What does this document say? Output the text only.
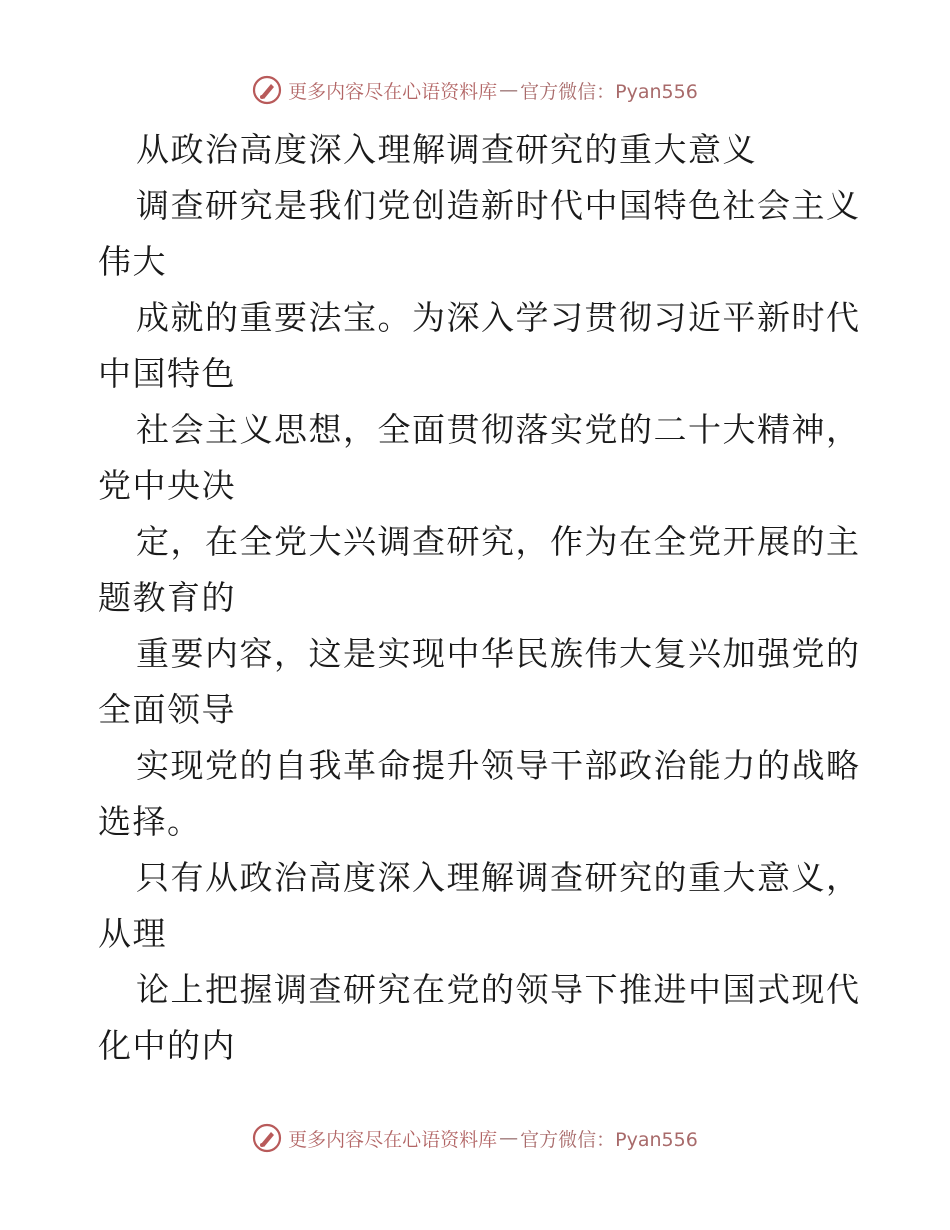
更多内容尽在心语资料库 — 官方微信：Pyan556
从政治高度深入理解调查研究的重大意义
调查研究是我们党创造新时代中国特色社会主义
伟大
成就的重要法宝。为深入学习贯彻习近平新时代
中国特色
社会主义思想，全面贯彻落实党的二十大精神，
党中央决
定，在全党大兴调查研究，作为在全党开展的主
题教育的
重要内容，这是实现中华民族伟大复兴加强党的
全面领导
实现党的自我革命提升领导干部政治能力的战略
选择。
只有从政治高度深入理解调查研究的重大意义，
从理
论上把握调查研究在党的领导下推进中国式现代
化中的内
更多内容尽在心语资料库 — 官方微信：Pyan556
